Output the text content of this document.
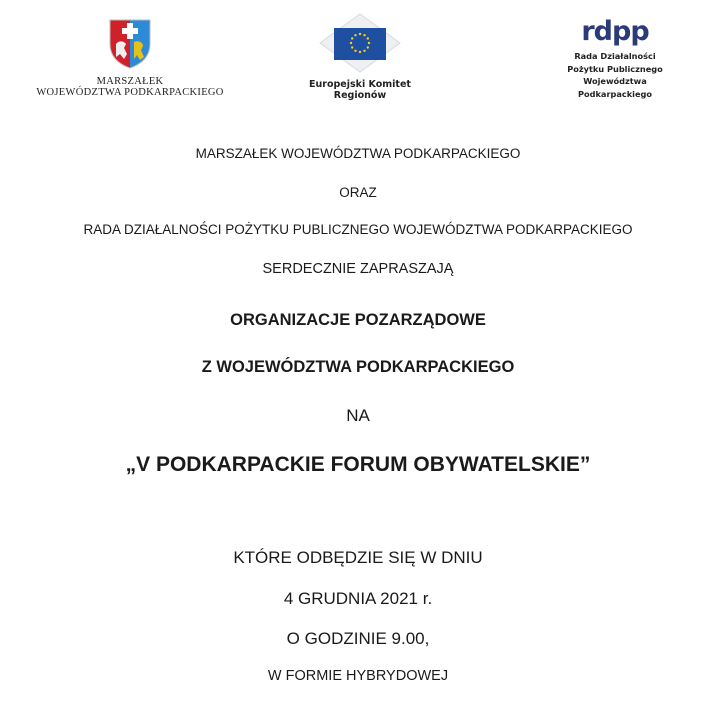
MARSZAŁEK
WOJEWÓDZTWA PODKARPACKIEGO
Europejski Komitet
Regionów
rdpp
Rada Działalności
Pożytku Publicznego
Województwa
Podkarpackiego
MARSZAŁEK WOJEWÓDZTWA PODKARPACKIEGO
ORAZ
RADA DZIAŁALNOŚCI POŻYTKU PUBLICZNEGO WOJEWÓDZTWA PODKARPACKIEGO
SERDECZNIE ZAPRASZAJĄ
ORGANIZACJE POZARZĄDOWE
Z WOJEWÓDZTWA PODKARPACKIEGO
NA
„V PODKARPACKIE FORUM OBYWATELSKIE”
KTÓRE ODBĘDZIE SIĘ W DNIU
4 GRUDNIA 2021 r.
O GODZINIE 9.00,
W FORMIE HYBRYDOWEJ
